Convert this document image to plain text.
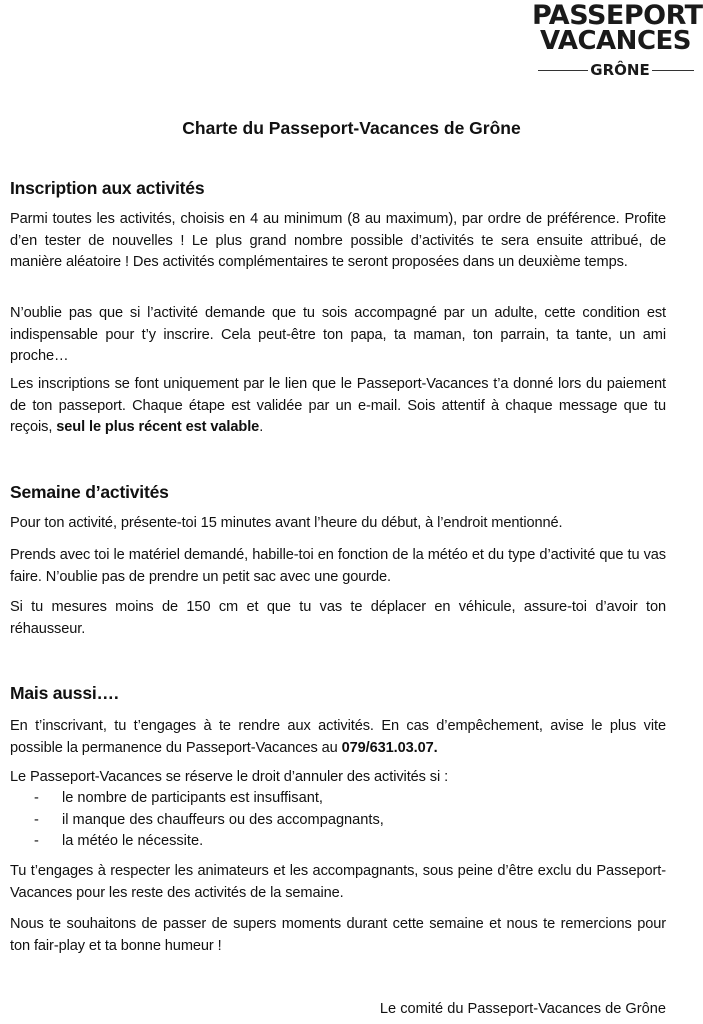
PASSEPORT
VACANCES
GRÔNE
Charte du Passeport-Vacances de Grône
Inscription aux activités

Parmi toutes les activités, choisis en 4 au minimum (8 au maximum), par ordre de préférence. Profite d’en tester de nouvelles ! Le plus grand nombre possible d’activités te sera ensuite attribué, de manière aléatoire ! Des activités complémentaires te seront proposées dans un deuxième temps.

N’oublie pas que si l’activité demande que tu sois accompagné par un adulte, cette condition est indispensable pour t’y inscrire. Cela peut-être ton papa, ta maman, ton parrain, ta tante, un ami proche…

Les inscriptions se font uniquement par le lien que le Passeport-Vacances t’a donné lors du paiement de ton passeport. Chaque étape est validée par un e-mail. Sois attentif à chaque message que tu reçois, seul le plus récent est valable.

Semaine d’activités

Pour ton activité, présente-toi 15 minutes avant l’heure du début, à l’endroit mentionné.

Prends avec toi le matériel demandé, habille-toi en fonction de la météo et du type d’activité que tu vas faire. N’oublie pas de prendre un petit sac avec une gourde.

Si tu mesures moins de 150 cm et que tu vas te déplacer en véhicule, assure-toi d’avoir ton réhausseur.

Mais aussi….

En t’inscrivant, tu t’engages à te rendre aux activités. En cas d’empêchement, avise le plus vite possible la permanence du Passeport-Vacances au 079/631.03.07.

Le Passeport-Vacances se réserve le droit d’annuler des activités si :

- le nombre de participants est insuffisant,
- il manque des chauffeurs ou des accompagnants,
- la météo le nécessite.

Tu t’engages à respecter les animateurs et les accompagnants, sous peine d’être exclu du Passeport-Vacances pour les reste des activités de la semaine.

Nous te souhaitons de passer de supers moments durant cette semaine et nous te remercions pour ton fair-play et ta bonne humeur !

Le comité du Passeport-Vacances de Grône
